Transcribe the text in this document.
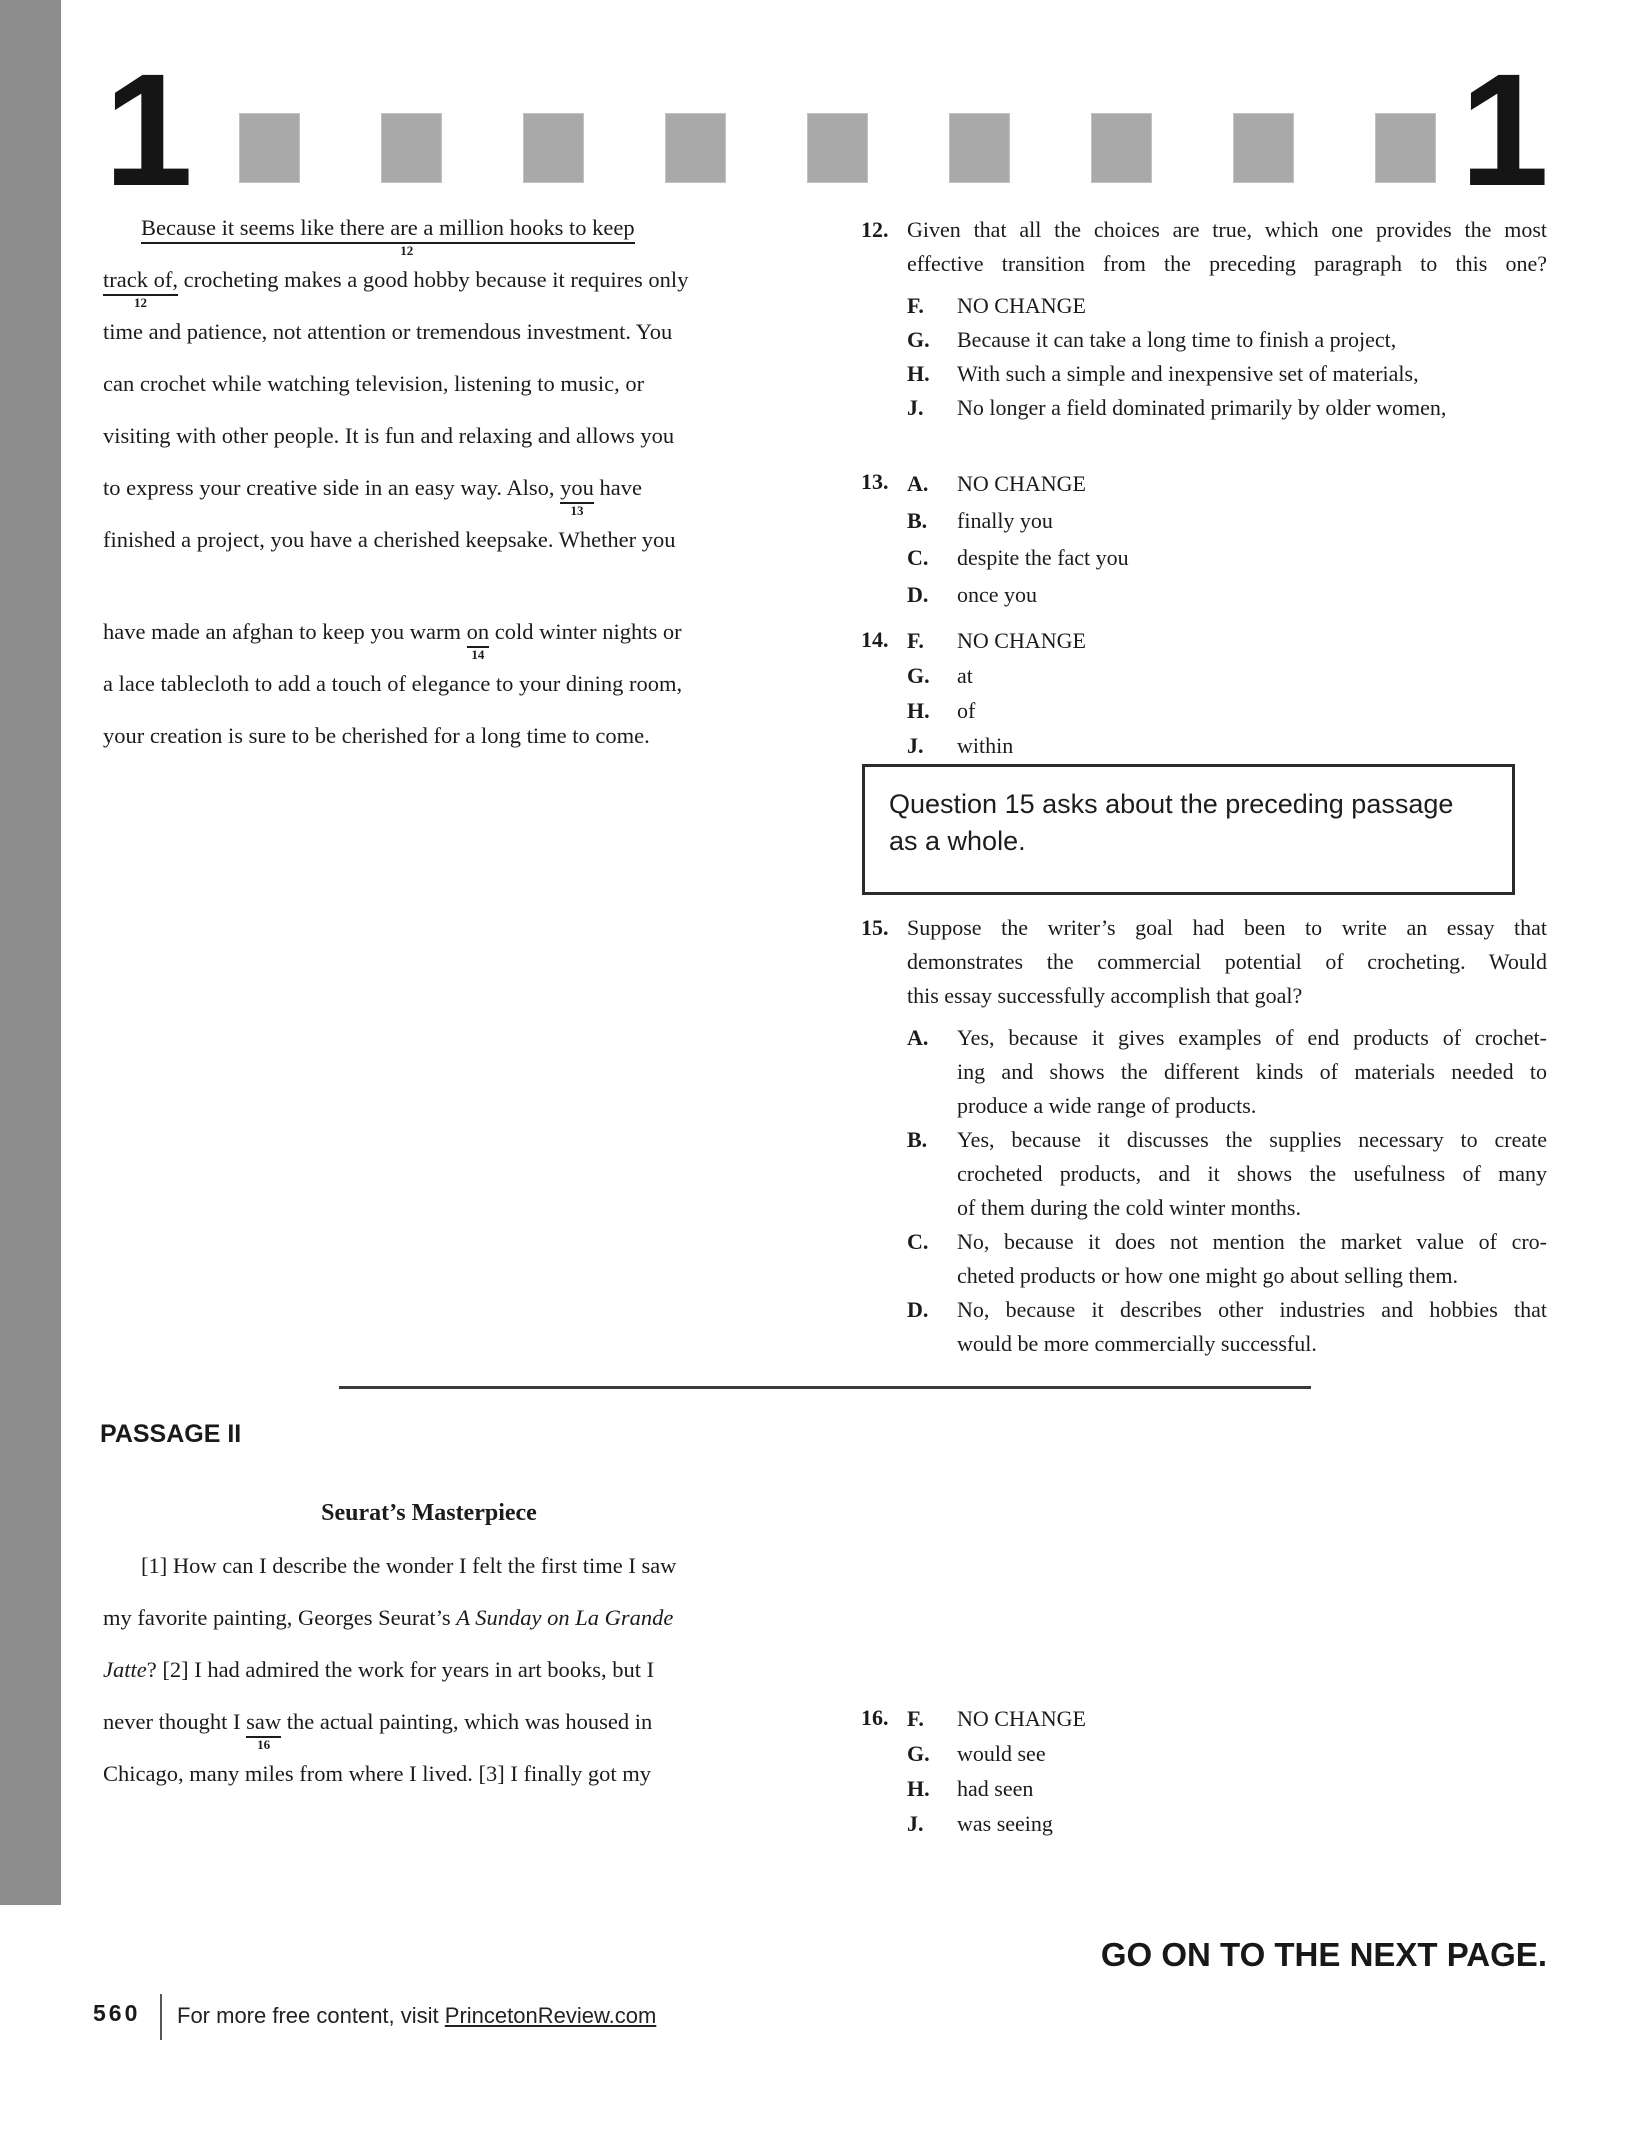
1	1
Because it seems like there are a million hooks to keep
12
track of,
12
crocheting makes a good hobby because it requires only
time and patience, not attention or tremendous investment. You
can crochet while watching television, listening to music, or
visiting with other people. It is fun and relaxing and allows you
to express your creative side in an easy way. Also, you
13
have
finished a project, you have a cherished keepsake. Whether you
have made an afghan to keep you warm on
14
cold winter nights or
a lace tablecloth to add a touch of elegance to your dining room,
your creation is sure to be cherished for a long time to come.
12. Given that all the choices are true, which one provides the most
effective transition from the preceding paragraph to this one?
F.	NO CHANGE
G.	Because it can take a long time to finish a project,
H.	With such a simple and inexpensive set of materials,
J.	No longer a field dominated primarily by older women,
13. A.	NO CHANGE
B.	finally you
C.	despite the fact you
D.	once you
14. F.	NO CHANGE
G.	at
H.	of
J.	within
Question 15 asks about the preceding passage
as a whole.
15. Suppose the writer’s goal had been to write an essay that
demonstrates the commercial potential of crocheting. Would
this essay successfully accomplish that goal?
A.	Yes, because it gives examples of end products of crochet-
ing and shows the different kinds of materials needed to
produce a wide range of products.
B.	Yes, because it discusses the supplies necessary to create
crocheted products, and it shows the usefulness of many
of them during the cold winter months.
C.	No, because it does not mention the market value of cro-
cheted products or how one might go about selling them.
D.	No, because it describes other industries and hobbies that
would be more commercially successful.
PASSAGE II
Seurat’s Masterpiece
[1] How can I describe the wonder I felt the first time I saw
my favorite painting, Georges Seurat’s A Sunday on La Grande
Jatte? [2] I had admired the work for years in art books, but I
never thought I saw
16
the actual painting, which was housed in
Chicago, many miles from where I lived. [3] I finally got my
16. F.	NO CHANGE
G.	would see
H.	had seen
J.	was seeing
GO ON TO THE NEXT PAGE.
560 For more free content, visit PrincetonReview.com
